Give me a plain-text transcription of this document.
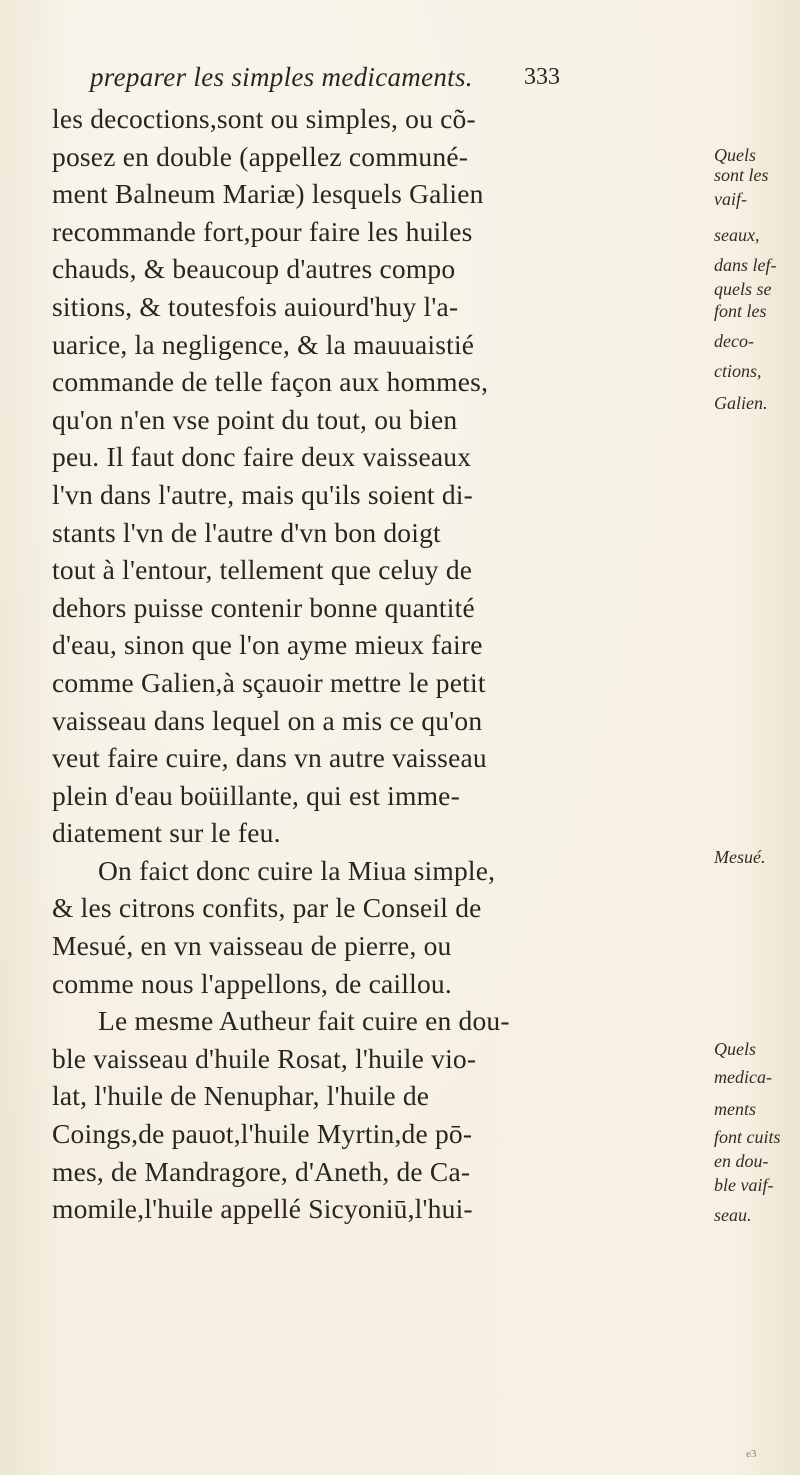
preparer les simples medicaments. 333
les decoctions,sont ou simples, ou cõ-
posez en double (appellez communé-
ment Balneum Mariæ) lesquels Galien
recommande fort,pour faire les huiles
chauds, & beaucoup d'autres compo
sitions, & toutesfois auiourd'huy l'a-
uarice, la negligence, & la mauuaistié
commande de telle façon aux hommes,
qu'on n'en vse point du tout, ou bien
peu. Il faut donc faire deux vaisseaux
l'vn dans l'autre, mais qu'ils soient di-
stants l'vn de l'autre d'vn bon doigt
tout à l'entour, tellement que celuy de
dehors puisse contenir bonne quantité
d'eau, sinon que l'on ayme mieux faire
comme Galien,à sçauoir mettre le petit
vaisseau dans lequel on a mis ce qu'on
veut faire cuire, dans vn autre vaisseau
plein d'eau boüillante, qui est imme-
diatement sur le feu.
On faict donc cuire la Miua simple,
& les citrons confits, par le Conseil de
Mesué, en vn vaisseau de pierre, ou
comme nous l'appellons, de caillou.
Le mesme Autheur fait cuire en dou-
ble vaisseau d'huile Rosat, l'huile vio-
lat, l'huile de Nenuphar, l'huile de
Coings,de pauot,l'huile Myrtin,de pō-
mes, de Mandragore, d'Aneth, de Ca-
momile,l'huile appellé Sicyoniū,l'hui-
Quels
sont les
vaif-
seaux,
dans lef-
quels se
font les
deco-
ctions,
Galien.
Mesué.
Quels
medica-
ments
font cuits
en dou-
ble vaif-
seau.
e3
